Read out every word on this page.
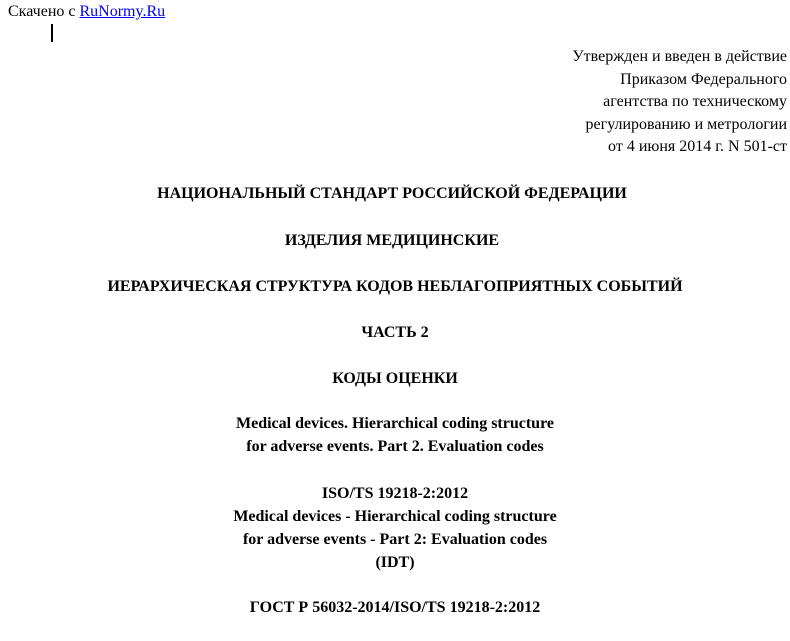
Скачено с RuNormy.Ru
Утвержден и введен в действие
Приказом Федерального
агентства по техническому
регулированию и метрологии
от 4 июня 2014 г. N 501-ст
НАЦИОНАЛЬНЫЙ СТАНДАРТ РОССИЙСКОЙ ФЕДЕРАЦИИ
ИЗДЕЛИЯ МЕДИЦИНСКИЕ
ИЕРАРХИЧЕСКАЯ СТРУКТУРА КОДОВ НЕБЛАГОПРИЯТНЫХ СОБЫТИЙ
ЧАСТЬ 2
КОДЫ ОЦЕНКИ
Medical devices. Hierarchical coding structure
for adverse events. Part 2. Evaluation codes
ISO/TS 19218-2:2012
Medical devices - Hierarchical coding structure
for adverse events - Part 2: Evaluation codes
(IDT)
ГОСТ Р 56032-2014/ISO/TS 19218-2:2012
